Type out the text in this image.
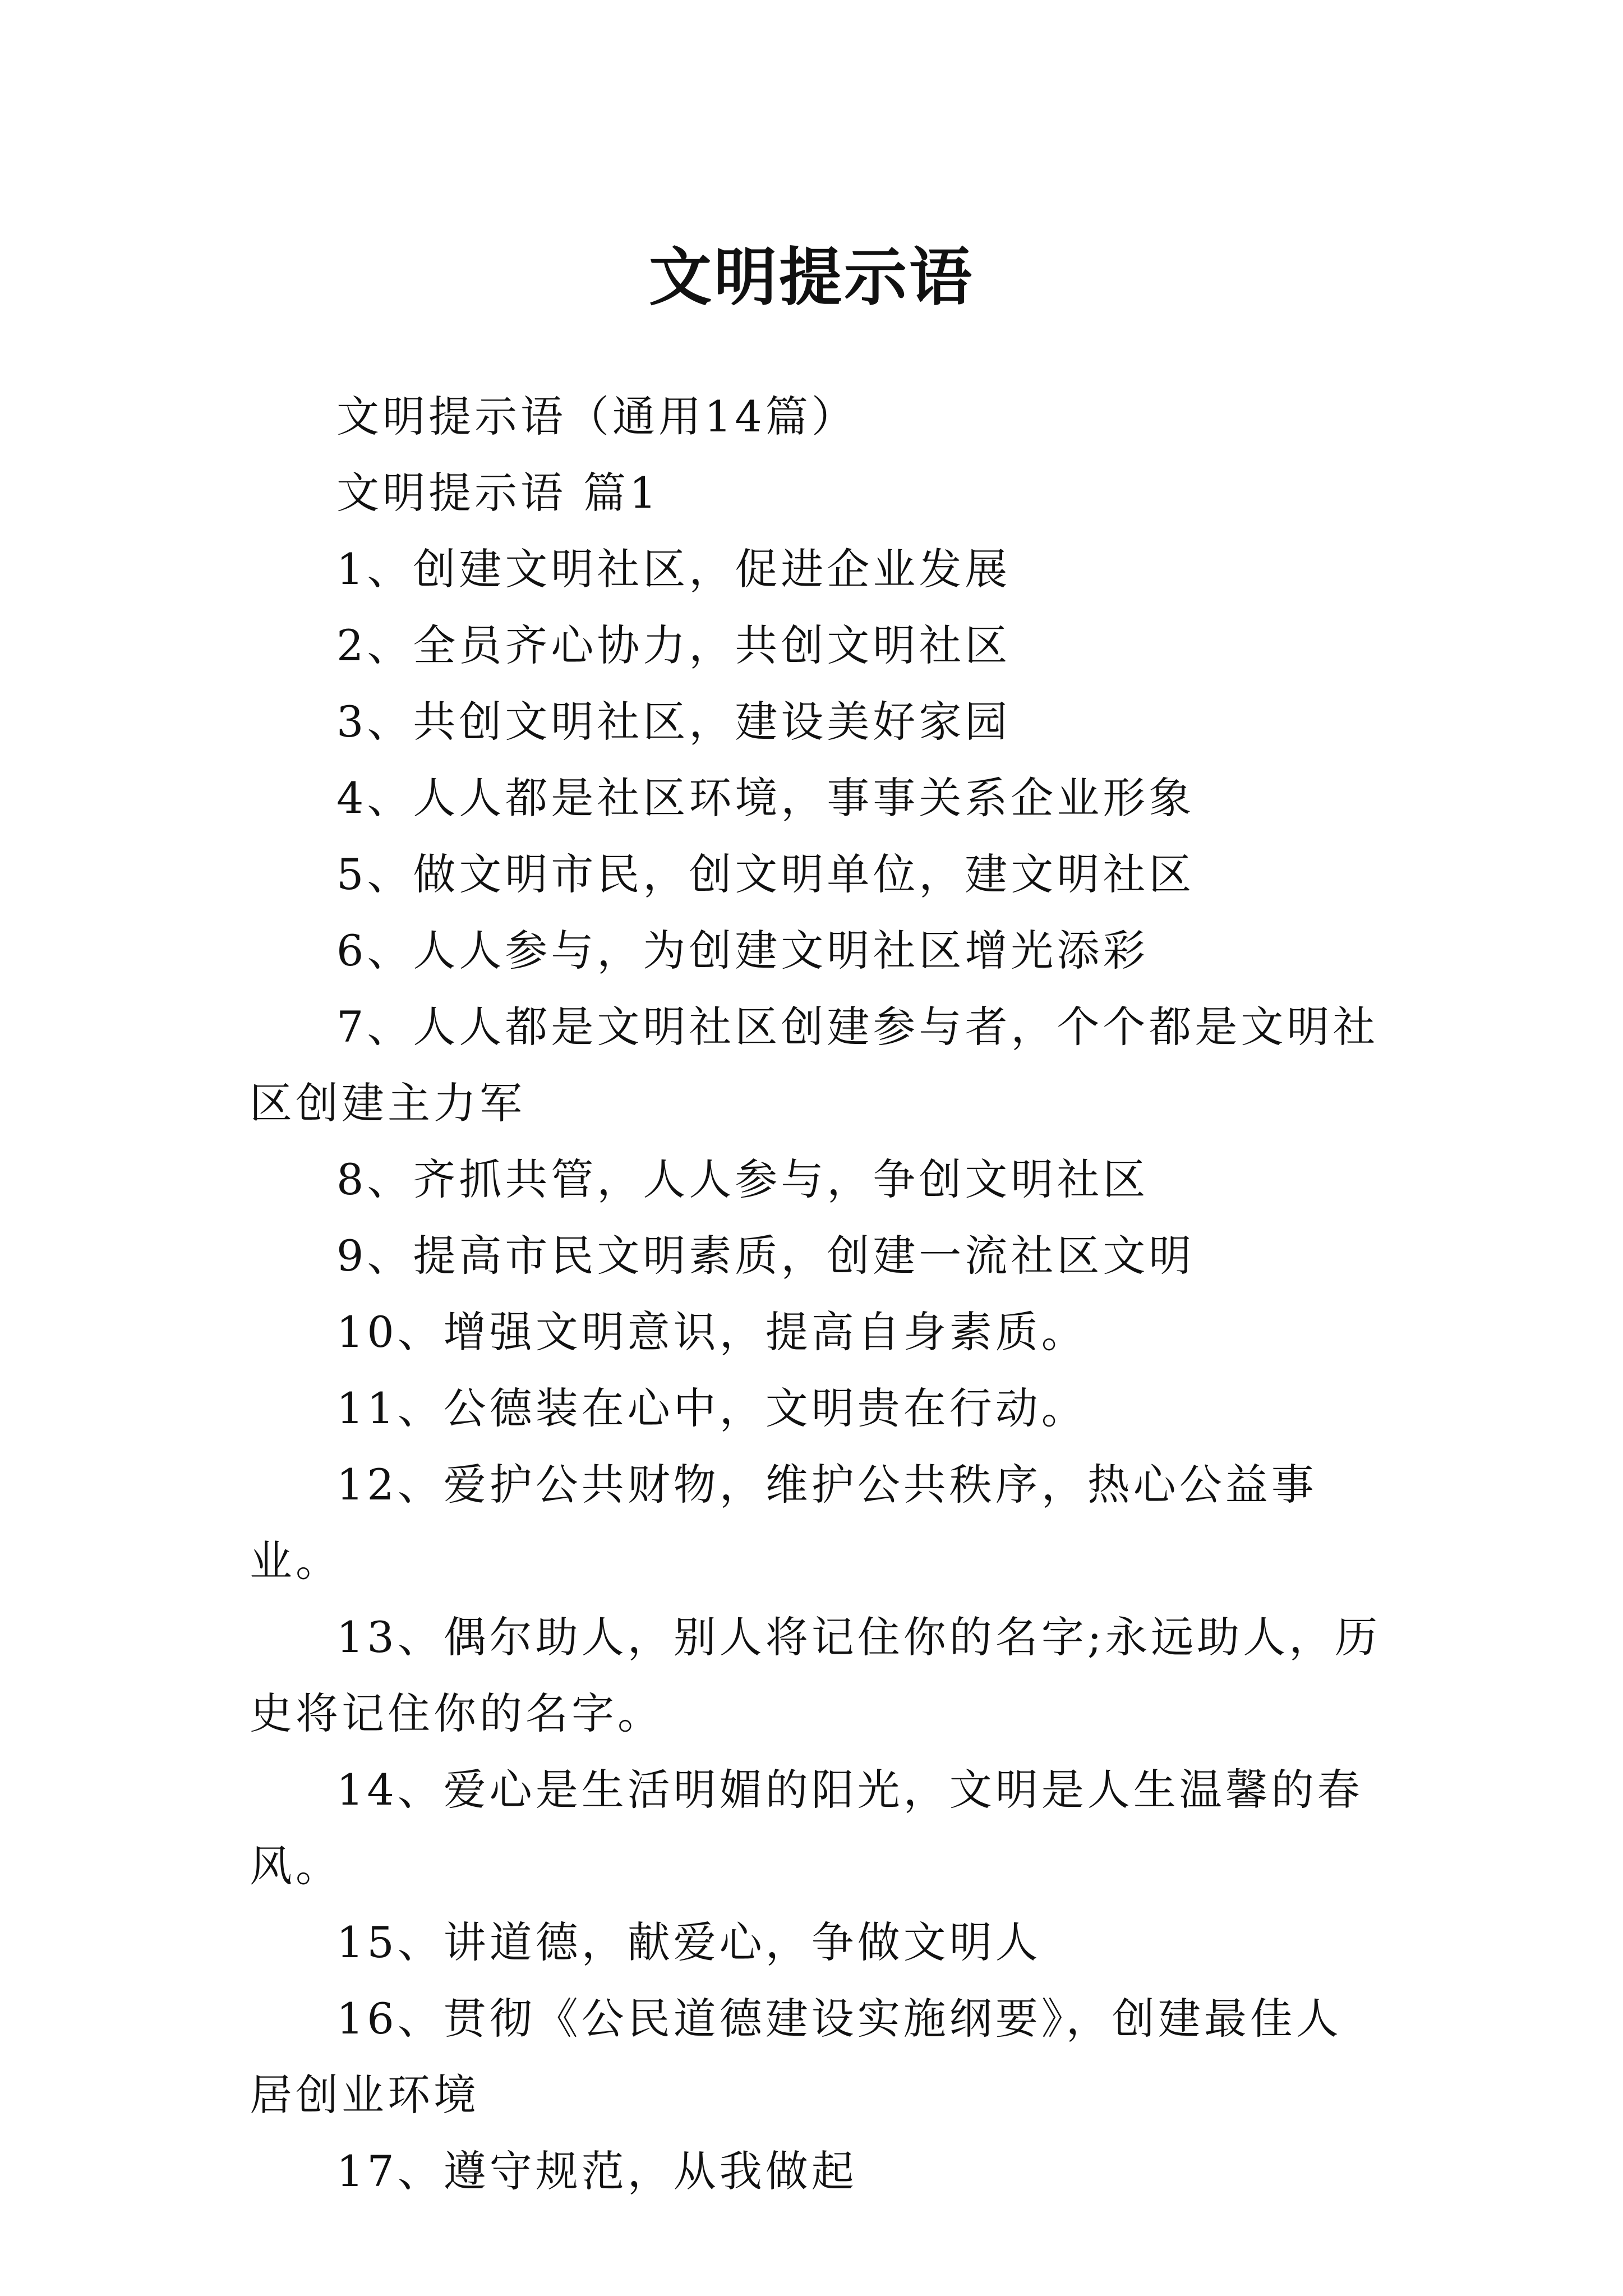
文明提示语

文明提示语（通用14篇）

文明提示语 篇1

1、创建文明社区，促进企业发展

2、全员齐心协力，共创文明社区

3、共创文明社区，建设美好家园

4、人人都是社区环境，事事关系企业形象

5、做文明市民，创文明单位，建文明社区

6、人人参与，为创建文明社区增光添彩

7、人人都是文明社区创建参与者，个个都是文明社区创建主力军

8、齐抓共管，人人参与，争创文明社区

9、提高市民文明素质，创建一流社区文明

10、增强文明意识，提高自身素质。

11、公德装在心中，文明贵在行动。

12、爱护公共财物，维护公共秩序，热心公益事业。

13、偶尔助人，别人将记住你的名字;永远助人，历史将记住你的名字。

14、爱心是生活明媚的阳光，文明是人生温馨的春风。

15、讲道德，献爱心，争做文明人

16、贯彻《公民道德建设实施纲要》，创建最佳人居创业环境

17、遵守规范，从我做起
